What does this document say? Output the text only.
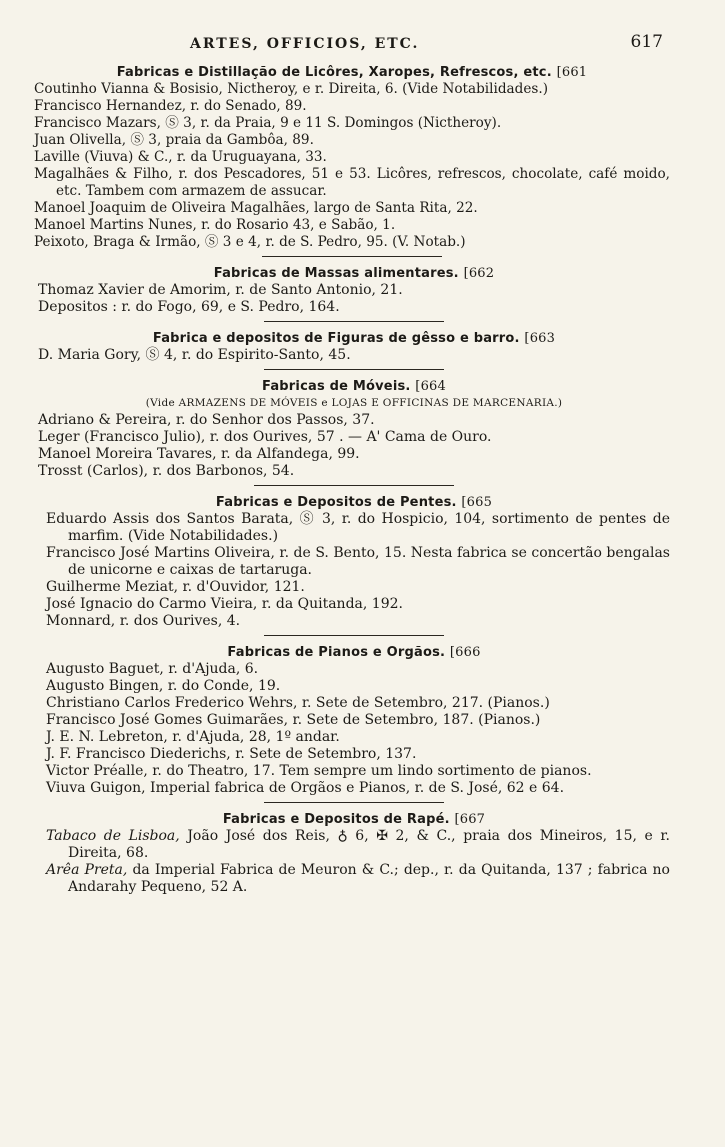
ARTES, OFFICIOS, ETC.	617

Fabricas e Distillação de Licôres, Xaropes, Refrescos, etc. [661

Coutinho Vianna & Bosisio, Nictheroy, e r. Direita, 6. (Vide Notabilidades.)

Francisco Hernandez, r. do Senado, 89.

Francisco Mazars, Ⓢ 3, r. da Praia, 9 e 11 S. Domingos (Nictheroy).

Juan Olivella, Ⓢ 3, praia da Gambôa, 89.

Laville (Viuva) & C., r. da Uruguayana, 33.

Magalhães & Filho, r. dos Pescadores, 51 e 53. Licôres, refrescos, chocolate, café moido, etc. Tambem com armazem de assucar.

Manoel Joaquim de Oliveira Magalhães, largo de Santa Rita, 22.

Manoel Martins Nunes, r. do Rosario 43, e Sabão, 1.

Peixoto, Braga & Irmão, Ⓢ 3 e 4, r. de S. Pedro, 95. (V. Notab.)

Fabricas de Massas alimentares. [662

Thomaz Xavier de Amorim, r. de Santo Antonio, 21.

Depositos : r. do Fogo, 69, e S. Pedro, 164.

Fabrica e depositos de Figuras de gêsso e barro. [663

D. Maria Gory, Ⓢ 4, r. do Espirito-Santo, 45.

Fabricas de Móveis. [664

(Vide ARMAZENS DE MÓVEIS e LOJAS E OFFICINAS DE MARCENARIA.)

Adriano & Pereira, r. do Senhor dos Passos, 37.

Leger (Francisco Julio), r. dos Ourives, 57 . — A' Cama de Ouro.

Manoel Moreira Tavares, r. da Alfandega, 99.

Trosst (Carlos), r. dos Barbonos, 54.

Fabricas e Depositos de Pentes. [665

Eduardo Assis dos Santos Barata, Ⓢ 3, r. do Hospicio, 104, sortimento de pentes de marfim. (Vide Notabilidades.)

Francisco José Martins Oliveira, r. de S. Bento, 15. Nesta fabrica se concertão bengalas de unicorne e caixas de tartaruga.

Guilherme Meziat, r. d'Ouvidor, 121.

José Ignacio do Carmo Vieira, r. da Quitanda, 192.

Monnard, r. dos Ourives, 4.

Fabricas de Pianos e Orgãos. [666

Augusto Baguet, r. d'Ajuda, 6.

Augusto Bingen, r. do Conde, 19.

Christiano Carlos Frederico Wehrs, r. Sete de Setembro, 217. (Pianos.)

Francisco José Gomes Guimarães, r. Sete de Setembro, 187. (Pianos.)

J. E. N. Lebreton, r. d'Ajuda, 28, 1º andar.

J. F. Francisco Diederichs, r. Sete de Setembro, 137.

Victor Préalle, r. do Theatro, 17. Tem sempre um lindo sortimento de pianos.

Viuva Guigon, Imperial fabrica de Orgãos e Pianos, r. de S. José, 62 e 64.

Fabricas e Depositos de Rapé. [667

Tabaco de Lisboa, João José dos Reis, ♁ 6, ✠ 2, & C., praia dos Mineiros, 15, e r. Direita, 68.

Arêa Preta, da Imperial Fabrica de Meuron & C.; dep., r. da Quitanda, 137 ; fabrica no Andarahy Pequeno, 52 A.
